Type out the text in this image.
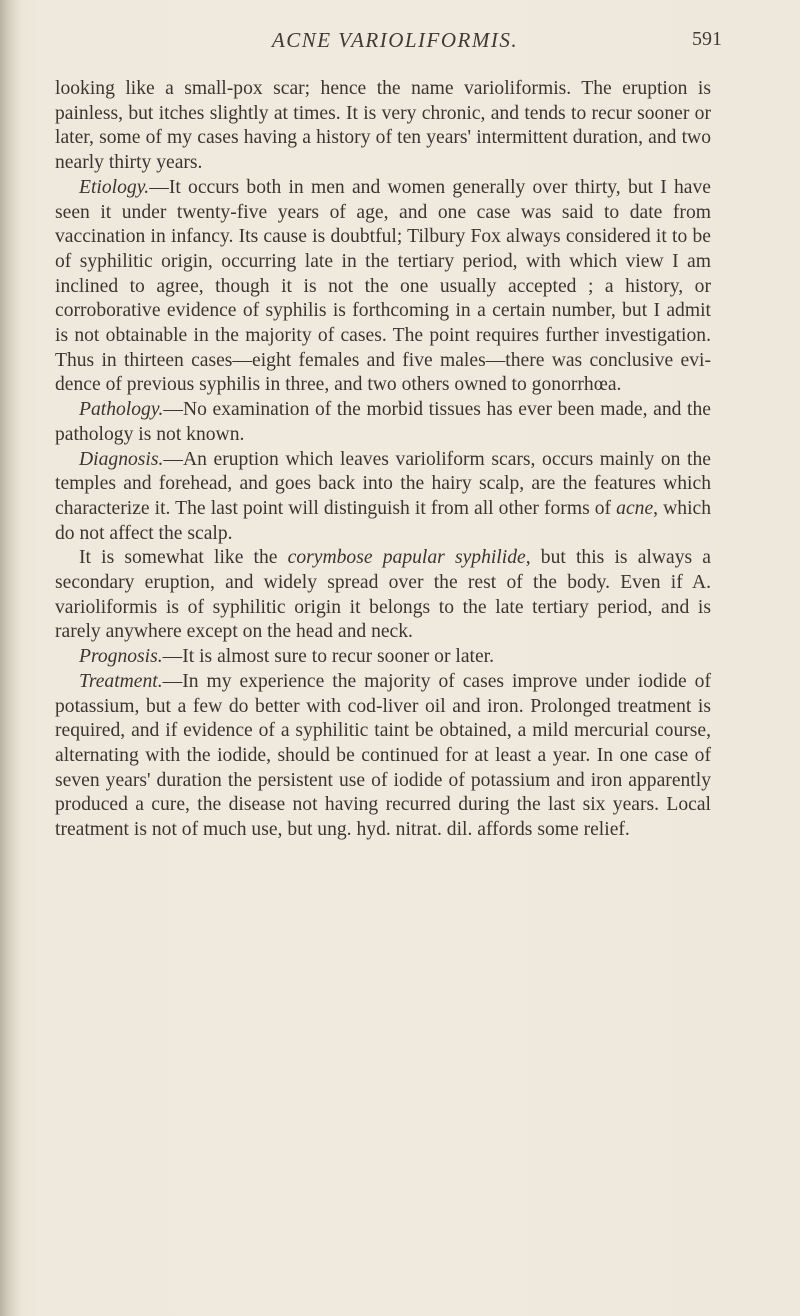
ACNE VARIOLIFORMIS.	591

looking like a small-pox scar; hence the name varioliformis. The eruption is painless, but itches slightly at times. It is very chronic, and tends to recur sooner or later, some of my cases having a history of ten years' intermittent duration, and two nearly thirty years.

Etiology.—It occurs both in men and women generally over thirty, but I have seen it under twenty-five years of age, and one case was said to date from vaccination in infancy. Its cause is doubtful; Tilbury Fox always considered it to be of syphilitic origin, occurring late in the tertiary period, with which view I am inclined to agree, though it is not the one usually accepted ; a history, or corroborative evidence of syphilis is forthcoming in a certain number, but I admit is not obtainable in the majority of cases. The point requires further investigation. Thus in thirteen cases—eight females and five males—there was conclusive evi-dence of previous syphilis in three, and two others owned to gonorrhœa.

Pathology.—No examination of the morbid tissues has ever been made, and the pathology is not known.

Diagnosis.—An eruption which leaves varioliform scars, occurs mainly on the temples and forehead, and goes back into the hairy scalp, are the features which characterize it. The last point will distinguish it from all other forms of acne, which do not affect the scalp.

It is somewhat like the corymbose papular syphilide, but this is always a secondary eruption, and widely spread over the rest of the body. Even if A. varioliformis is of syphilitic origin it belongs to the late tertiary period, and is rarely anywhere except on the head and neck.

Prognosis.—It is almost sure to recur sooner or later.

Treatment.—In my experience the majority of cases improve under iodide of potassium, but a few do better with cod-liver oil and iron. Prolonged treatment is required, and if evidence of a syphilitic taint be obtained, a mild mercurial course, alternating with the iodide, should be continued for at least a year. In one case of seven years' duration the persistent use of iodide of potassium and iron apparently produced a cure, the disease not having recurred during the last six years. Local treatment is not of much use, but ung. hyd. nitrat. dil. affords some relief.
